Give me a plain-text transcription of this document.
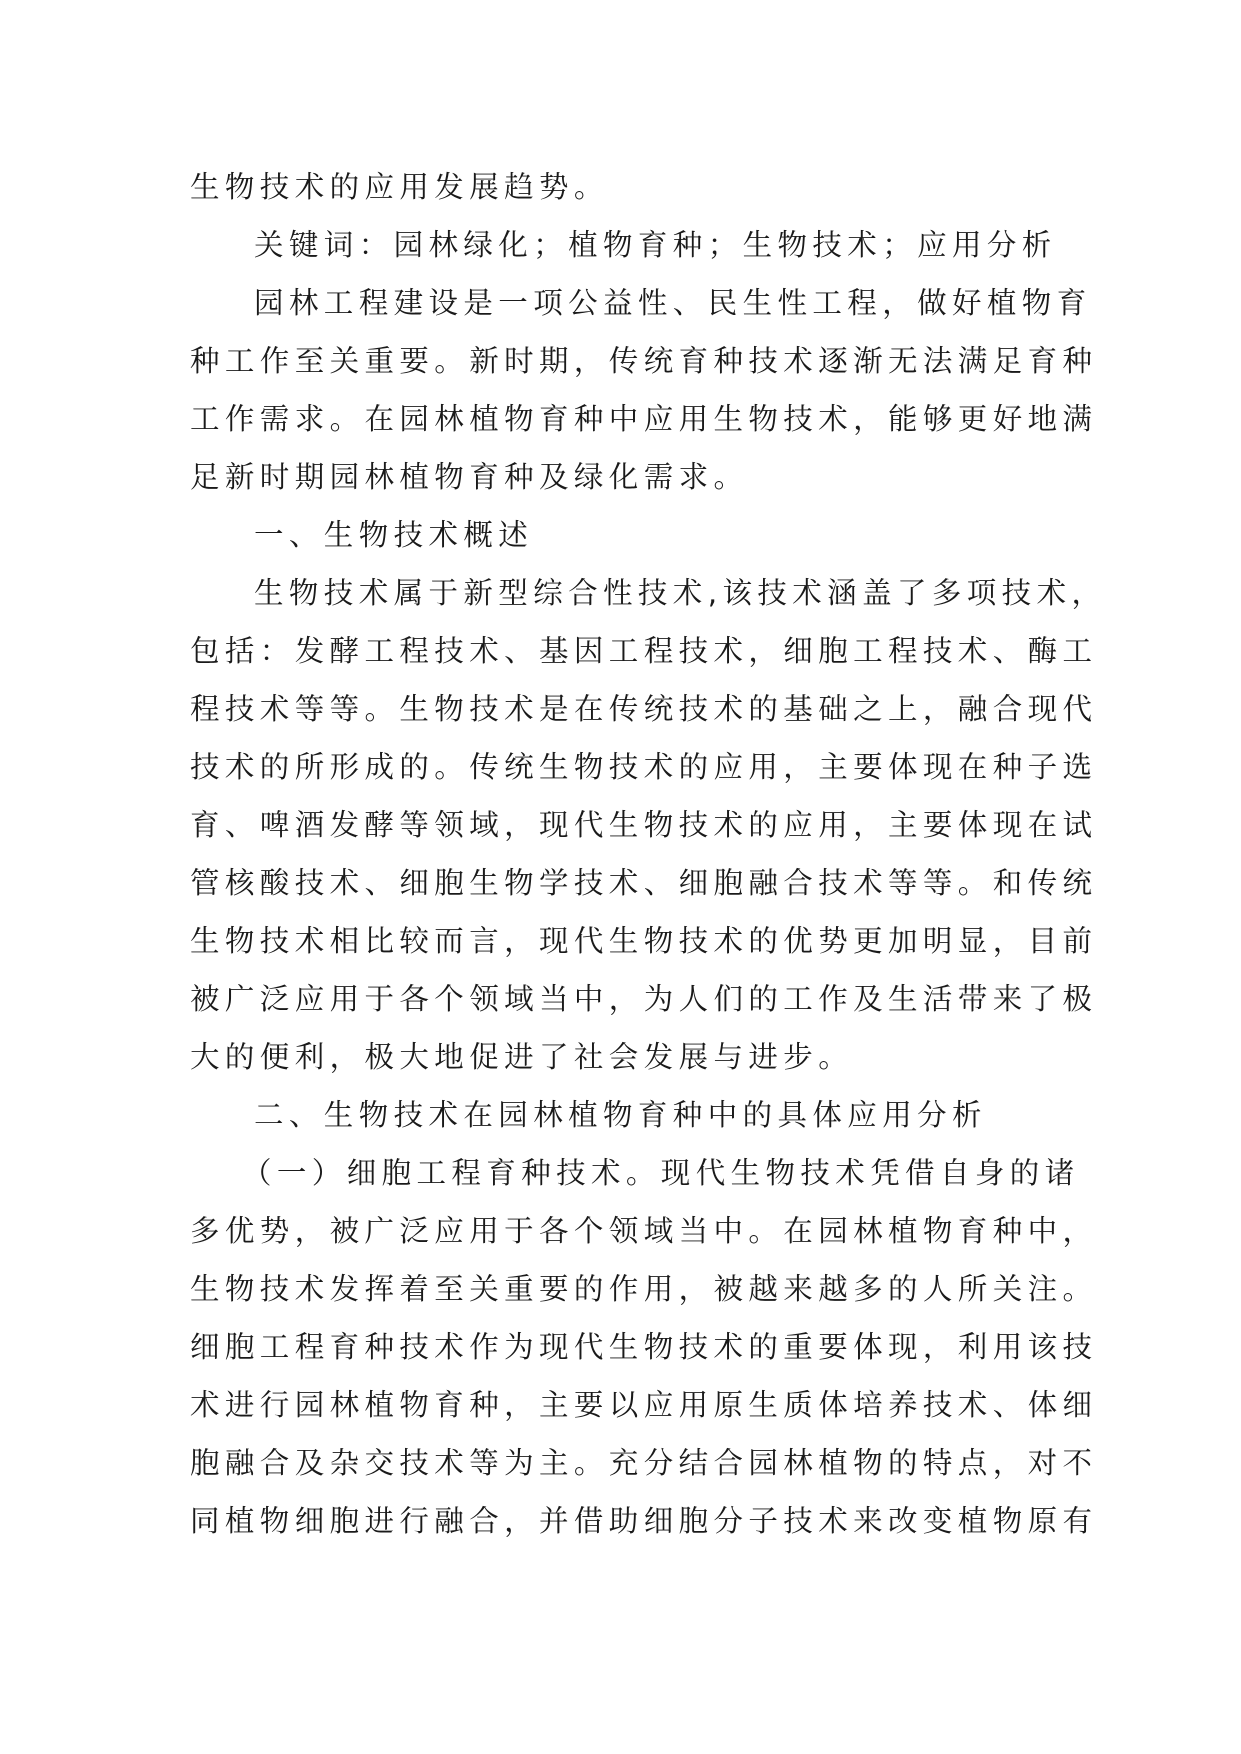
生物技术的应用发展趋势。
关键词：园林绿化；植物育种；生物技术；应用分析
园林工程建设是一项公益性、民生性工程，做好植物育
种工作至关重要。新时期，传统育种技术逐渐无法满足育种
工作需求。在园林植物育种中应用生物技术，能够更好地满
足新时期园林植物育种及绿化需求。
一、生物技术概述
生物技术属于新型综合性技术,该技术涵盖了多项技术，
包括：发酵工程技术、基因工程技术，细胞工程技术、酶工
程技术等等。生物技术是在传统技术的基础之上，融合现代
技术的所形成的。传统生物技术的应用，主要体现在种子选
育、啤酒发酵等领域，现代生物技术的应用，主要体现在试
管核酸技术、细胞生物学技术、细胞融合技术等等。和传统
生物技术相比较而言，现代生物技术的优势更加明显，目前
被广泛应用于各个领域当中，为人们的工作及生活带来了极
大的便利，极大地促进了社会发展与进步。
二、生物技术在园林植物育种中的具体应用分析
（一）细胞工程育种技术。现代生物技术凭借自身的诸
多优势，被广泛应用于各个领域当中。在园林植物育种中，
生物技术发挥着至关重要的作用，被越来越多的人所关注。
细胞工程育种技术作为现代生物技术的重要体现，利用该技
术进行园林植物育种，主要以应用原生质体培养技术、体细
胞融合及杂交技术等为主。充分结合园林植物的特点，对不
同植物细胞进行融合，并借助细胞分子技术来改变植物原有
